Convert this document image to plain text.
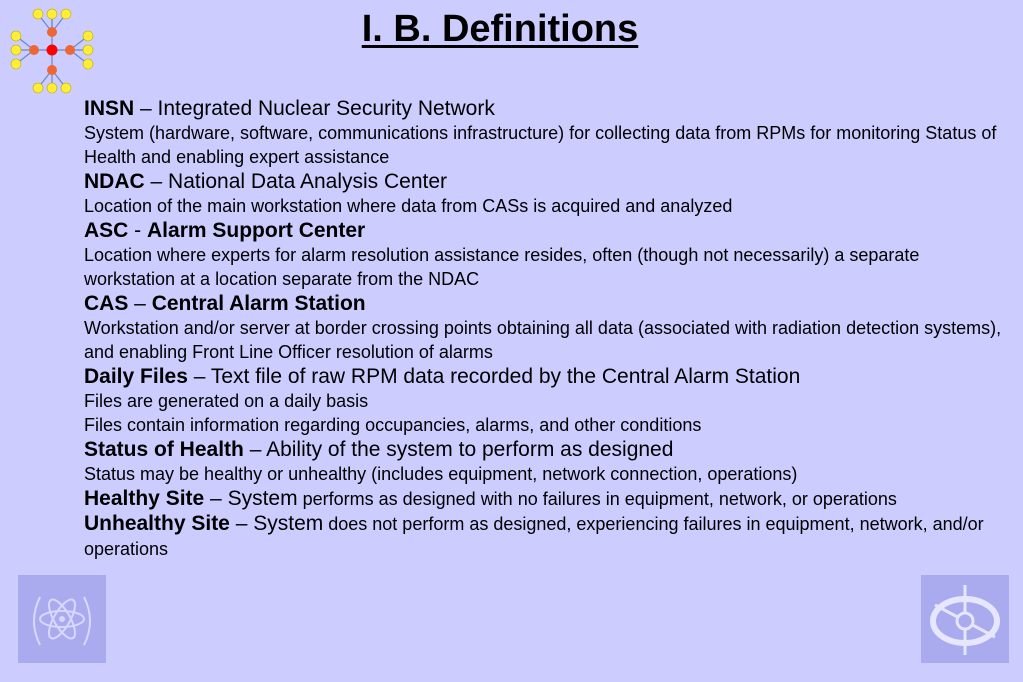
I. B. Definitions
INSN – Integrated Nuclear Security Network
System (hardware, software, communications infrastructure) for collecting data from RPMs for monitoring Status of Health and enabling expert assistance
NDAC – National Data Analysis Center
Location of the main workstation where data from CASs is acquired and analyzed
ASC - Alarm Support Center
Location where experts for alarm resolution assistance resides, often (though not necessarily) a separate workstation at a location separate from the NDAC
CAS – Central Alarm Station
Workstation and/or server at border crossing points obtaining all data (associated with radiation detection systems), and enabling Front Line Officer resolution of alarms
Daily Files – Text file of raw RPM data recorded by the Central Alarm Station
Files are generated on a daily basis
Files contain information regarding occupancies, alarms, and other conditions
Status of Health – Ability of the system to perform as designed
Status may be healthy or unhealthy (includes equipment, network connection, operations)
Healthy Site – System performs as designed with no failures in equipment, network, or operations
Unhealthy Site – System does not perform as designed, experiencing failures in equipment, network, and/or operations
